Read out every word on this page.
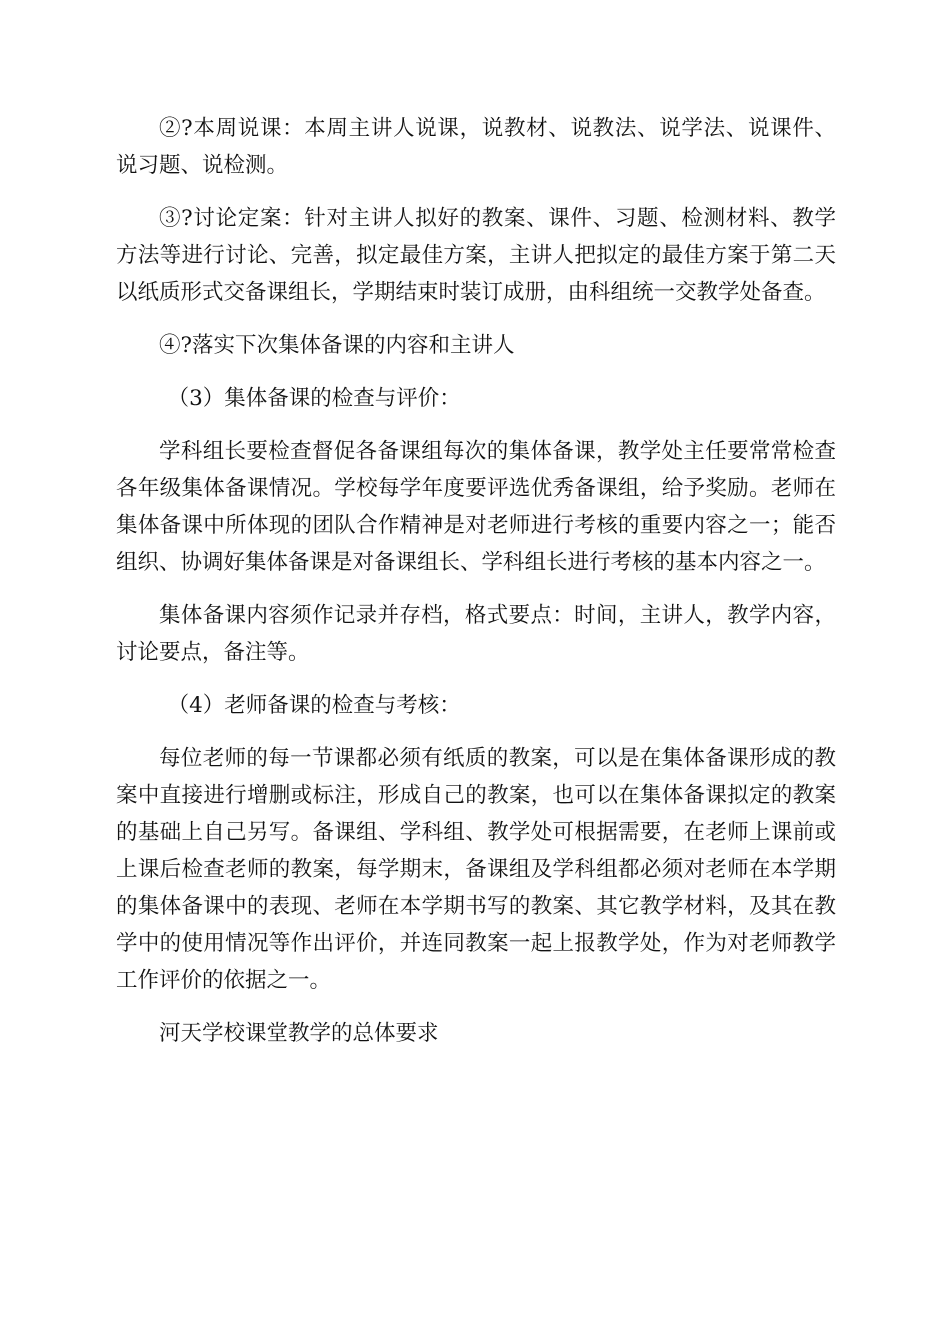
②?本周说课：本周主讲人说课，说教材、说教法、说学法、说课件、说习题、说检测。

③?讨论定案：针对主讲人拟好的教案、课件、习题、检测材料、教学方法等进行讨论、完善，拟定最佳方案，主讲人把拟定的最佳方案于第二天以纸质形式交备课组长，学期结束时装订成册，由科组统一交教学处备查。

④?落实下次集体备课的内容和主讲人

（3）集体备课的检查与评价：

学科组长要检查督促各备课组每次的集体备课，教学处主任要常常检查各年级集体备课情况。学校每学年度要评选优秀备课组，给予奖励。老师在集体备课中所体现的团队合作精神是对老师进行考核的重要内容之一；能否组织、协调好集体备课是对备课组长、学科组长进行考核的基本内容之一。

集体备课内容须作记录并存档，格式要点：时间，主讲人，教学内容，讨论要点，备注等。

（4）老师备课的检查与考核：

每位老师的每一节课都必须有纸质的教案，可以是在集体备课形成的教案中直接进行增删或标注，形成自己的教案，也可以在集体备课拟定的教案的基础上自己另写。备课组、学科组、教学处可根据需要，在老师上课前或上课后检查老师的教案，每学期末，备课组及学科组都必须对老师在本学期的集体备课中的表现、老师在本学期书写的教案、其它教学材料，及其在教学中的使用情况等作出评价，并连同教案一起上报教学处，作为对老师教学工作评价的依据之一。

河天学校课堂教学的总体要求
